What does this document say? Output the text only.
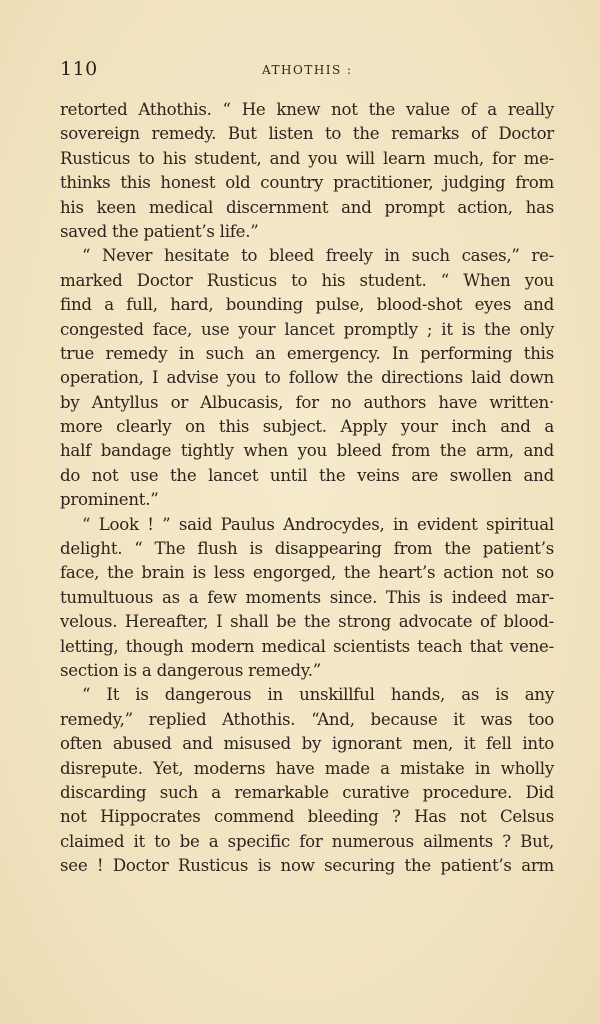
110	ATHOTHIS :
retorted Athothis. “ He knew not the value of a really
sovereign remedy. But listen to the remarks of Doctor
Rusticus to his student, and you will learn much, for me-
thinks this honest old country practitioner, judging from
his keen medical discernment and prompt action, has
saved the patient’s life.”
“ Never hesitate to bleed freely in such cases,” re-
marked Doctor Rusticus to his student. “ When you
find a full, hard, bounding pulse, blood-shot eyes and
congested face, use your lancet promptly ; it is the only
true remedy in such an emergency. In performing this
operation, I advise you to follow the directions laid down
by Antyllus or Albucasis, for no authors have written·
more clearly on this subject. Apply your inch and a
half bandage tightly when you bleed from the arm, and
do not use the lancet until the veins are swollen and
prominent.”
“ Look ! ” said Paulus Androcydes, in evident spiritual
delight. “ The flush is disappearing from the patient’s
face, the brain is less engorged, the heart’s action not so
tumultuous as a few moments since. This is indeed mar-
velous. Hereafter, I shall be the strong advocate of blood-
letting, though modern medical scientists teach that vene-
section is a dangerous remedy.”
“ It is dangerous in unskillful hands, as is any
remedy,” replied Athothis. “And, because it was too
often abused and misused by ignorant men, it fell into
disrepute. Yet, moderns have made a mistake in wholly
discarding such a remarkable curative procedure. Did
not Hippocrates commend bleeding ? Has not Celsus
claimed it to be a specific for numerous ailments ? But,
see ! Doctor Rusticus is now securing the patient’s arm
